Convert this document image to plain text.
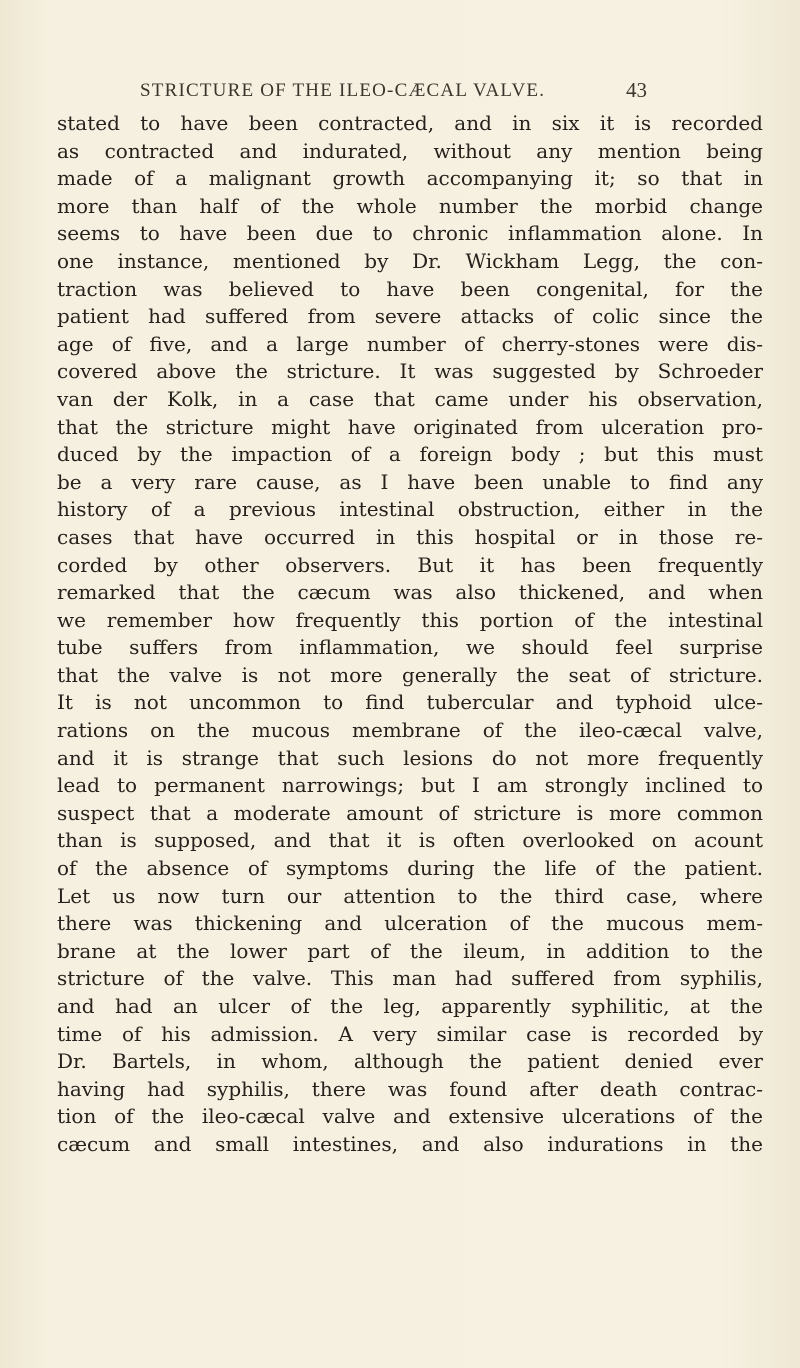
STRICTURE OF THE ILEO-CÆCAL VALVE.	43
stated to have been contracted, and in six it is recorded
as contracted and indurated, without any mention being
made of a malignant growth accompanying it; so that in
more than half of the whole number the morbid change
seems to have been due to chronic inflammation alone. In
one instance, mentioned by Dr. Wickham Legg, the con-
traction was believed to have been congenital, for the
patient had suffered from severe attacks of colic since the
age of five, and a large number of cherry-stones were dis-
covered above the stricture. It was suggested by Schroeder
van der Kolk, in a case that came under his observation,
that the stricture might have originated from ulceration pro-
duced by the impaction of a foreign body ; but this must
be a very rare cause, as I have been unable to find any
history of a previous intestinal obstruction, either in the
cases that have occurred in this hospital or in those re-
corded by other observers. But it has been frequently
remarked that the cæcum was also thickened, and when
we remember how frequently this portion of the intestinal
tube suffers from inflammation, we should feel surprise
that the valve is not more generally the seat of stricture.
It is not uncommon to find tubercular and typhoid ulce-
rations on the mucous membrane of the ileo-cæcal valve,
and it is strange that such lesions do not more frequently
lead to permanent narrowings; but I am strongly inclined to
suspect that a moderate amount of stricture is more common
than is supposed, and that it is often overlooked on acount
of the absence of symptoms during the life of the patient.
Let us now turn our attention to the third case, where
there was thickening and ulceration of the mucous mem-
brane at the lower part of the ileum, in addition to the
stricture of the valve. This man had suffered from syphilis,
and had an ulcer of the leg, apparently syphilitic, at the
time of his admission. A very similar case is recorded by
Dr. Bartels, in whom, although the patient denied ever
having had syphilis, there was found after death contrac-
tion of the ileo-cæcal valve and extensive ulcerations of the
cæcum and small intestines, and also indurations in the
